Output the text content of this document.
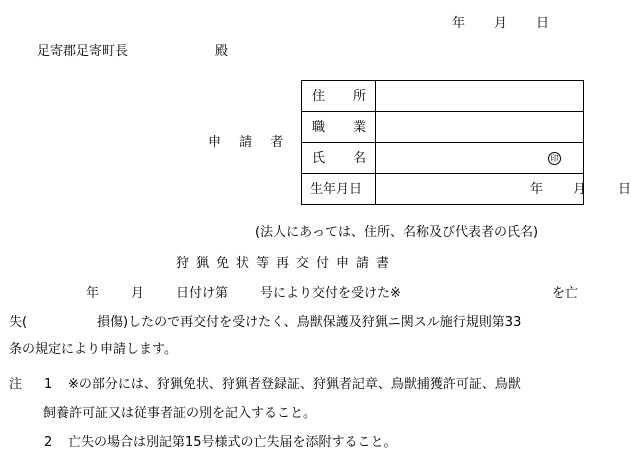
年 月 日
足寄郡足寄町長	殿
申 請 者
住 所	

職 業	

氏 名	印

生年月日	年 月 日
(法人にあっては、住所、名称及び代表者の氏名)
狩猟免状等再交付申請書
年 月 日付け第 号により交付を受けた※	を亡
失(	損傷)したので再交付を受けたく、鳥獣保護及狩猟ニ関スル施行規則第33
条の規定により申請します。
注 1 ※の部分には、狩猟免状、狩猟者登録証、狩猟者記章、鳥獣捕獲許可証、鳥獣
飼養許可証又は従事者証の別を記入すること。
2 亡失の場合は別記第15号様式の亡失届を添附すること。
